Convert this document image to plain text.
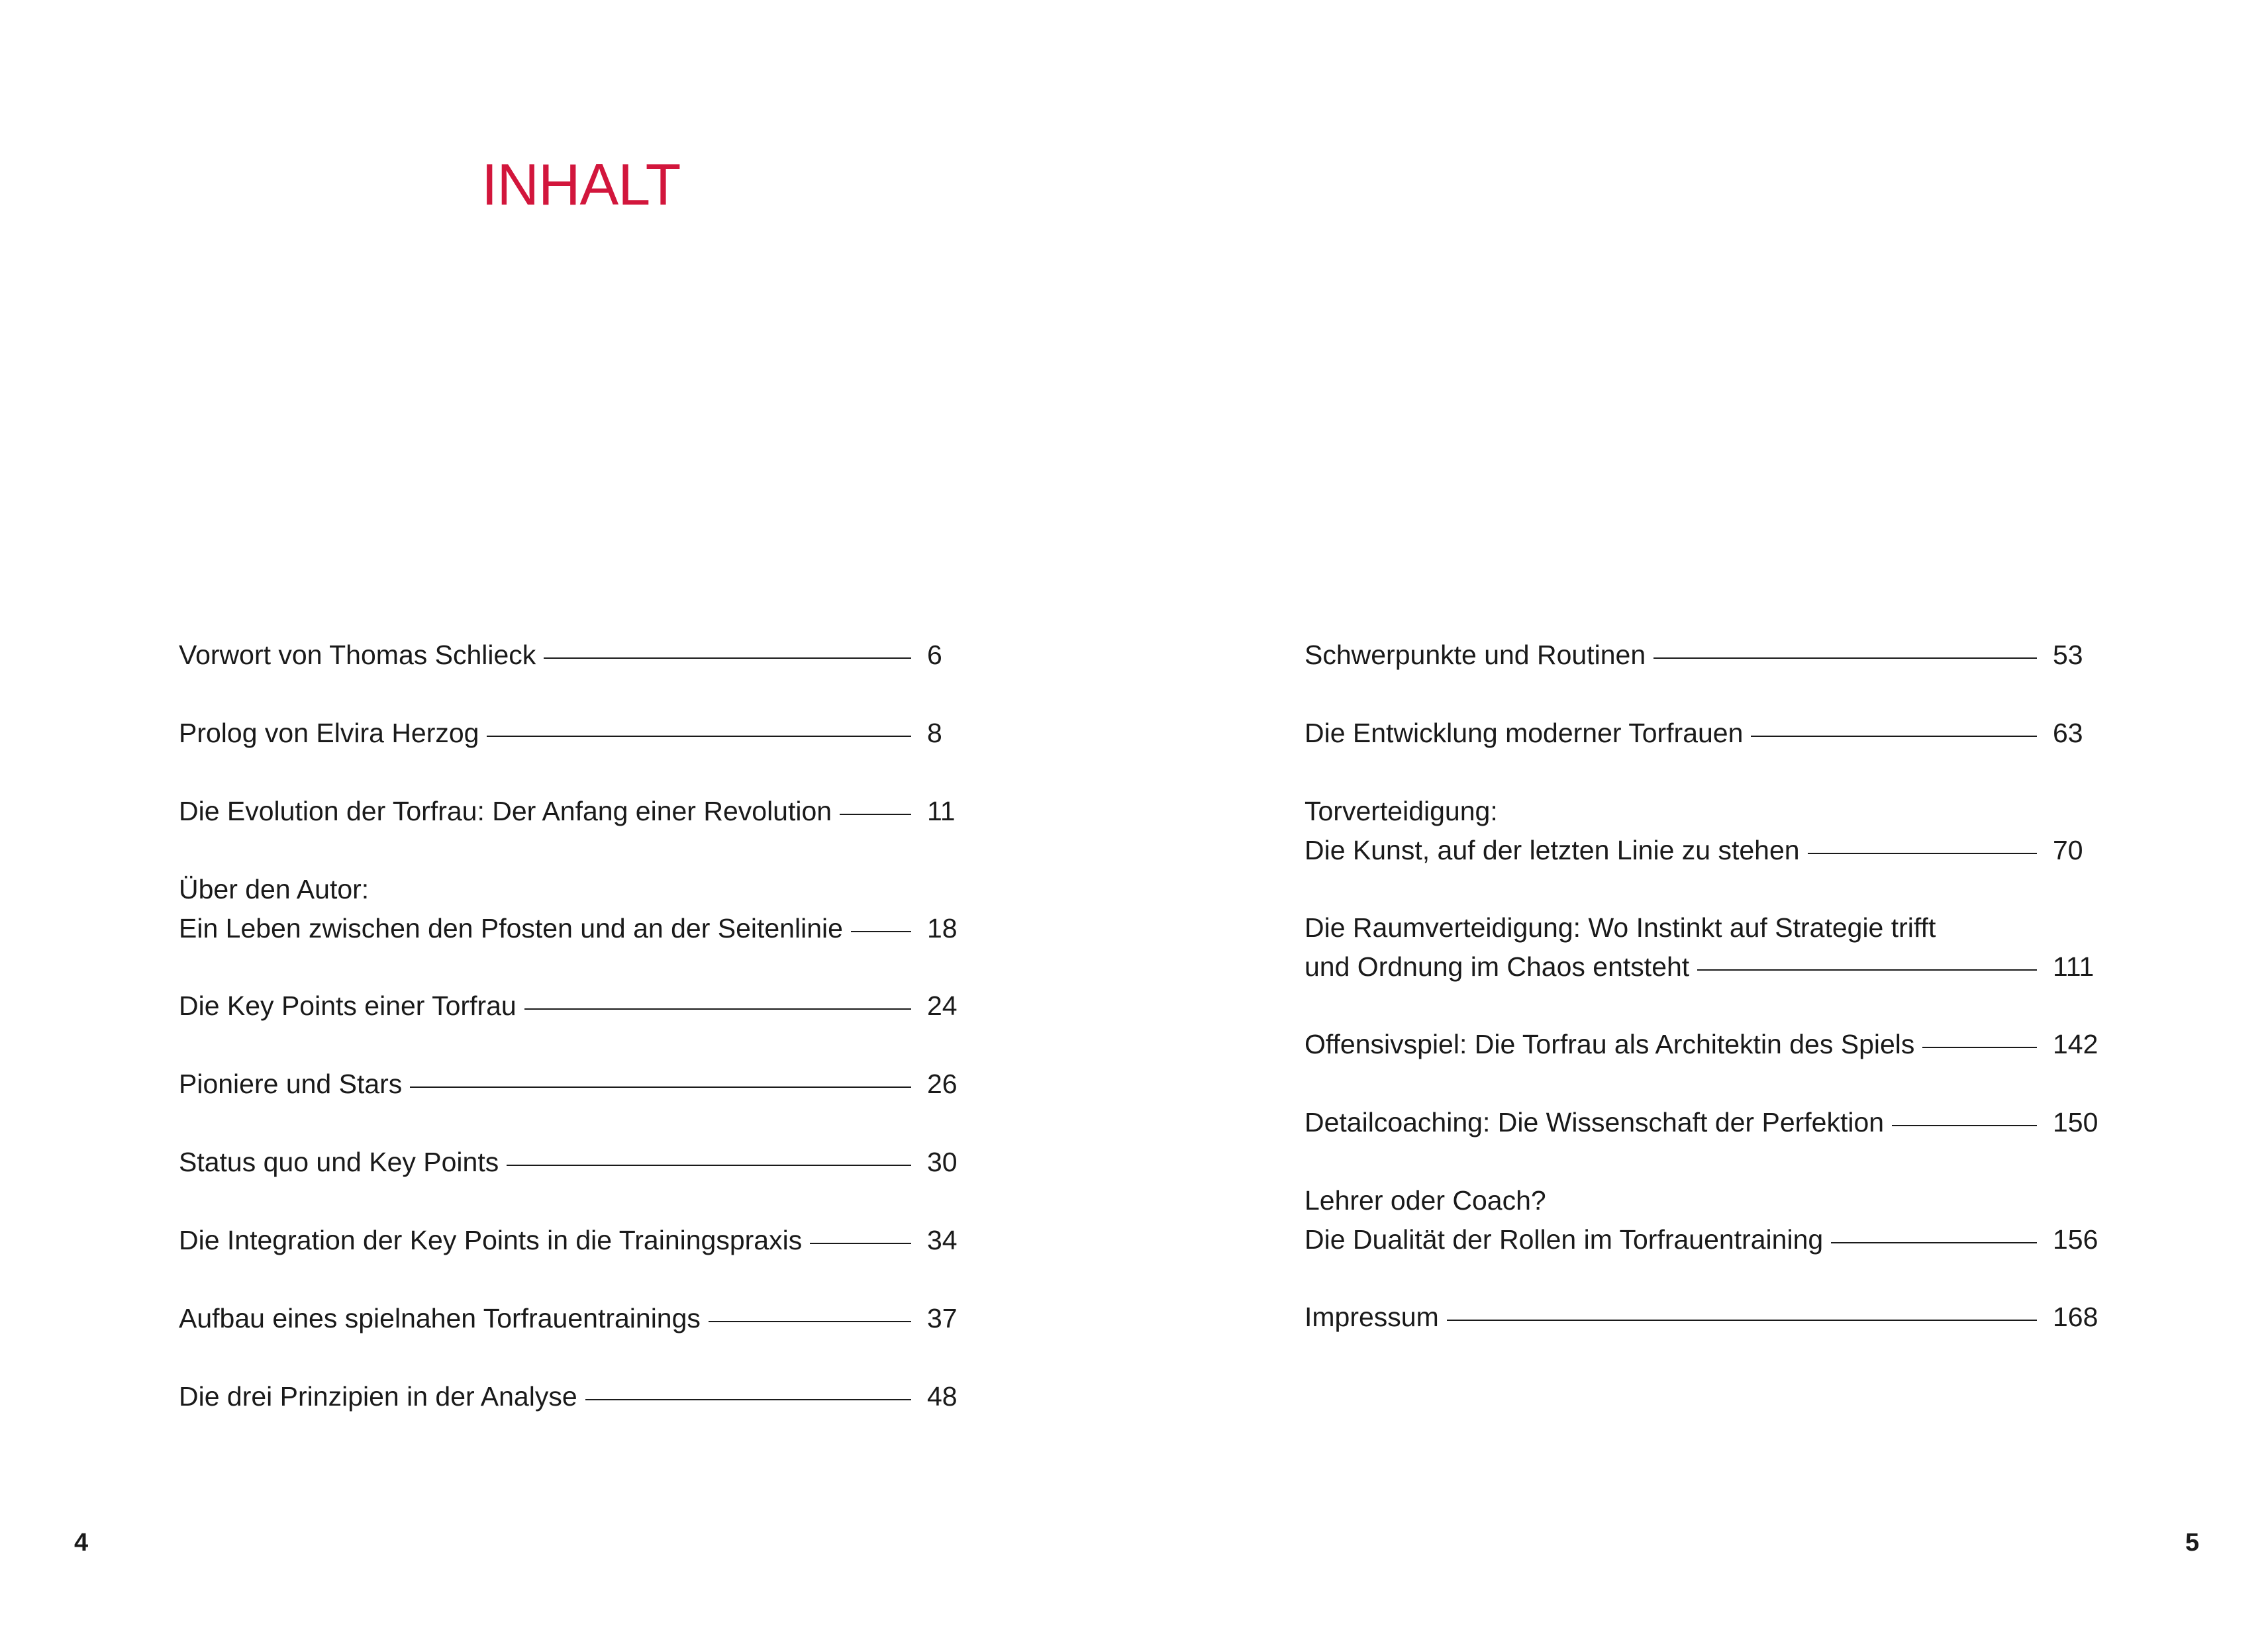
INHALT
Vorwort von Thomas Schlieck	6
Prolog von Elvira Herzog	8
Die Evolution der Torfrau: Der Anfang einer Revolution	11
Über den Autor:
Ein Leben zwischen den Pfosten und an der Seitenlinie	18
Die Key Points einer Torfrau	24
Pioniere und Stars	26
Status quo und Key Points	30
Die Integration der Key Points in die Trainingspraxis	34
Aufbau eines spielnahen Torfrauentrainings	37
Die drei Prinzipien in der Analyse	48
Schwerpunkte und Routinen	53
Die Entwicklung moderner Torfrauen	63
Torverteidigung:
Die Kunst, auf der letzten Linie zu stehen	70
Die Raumverteidigung: Wo Instinkt auf Strategie trifft
und Ordnung im Chaos entsteht	111
Offensivspiel: Die Torfrau als Architektin des Spiels	142
Detailcoaching: Die Wissenschaft der Perfektion	150
Lehrer oder Coach?
Die Dualität der Rollen im Torfrauentraining	156
Impressum	168
4	5
